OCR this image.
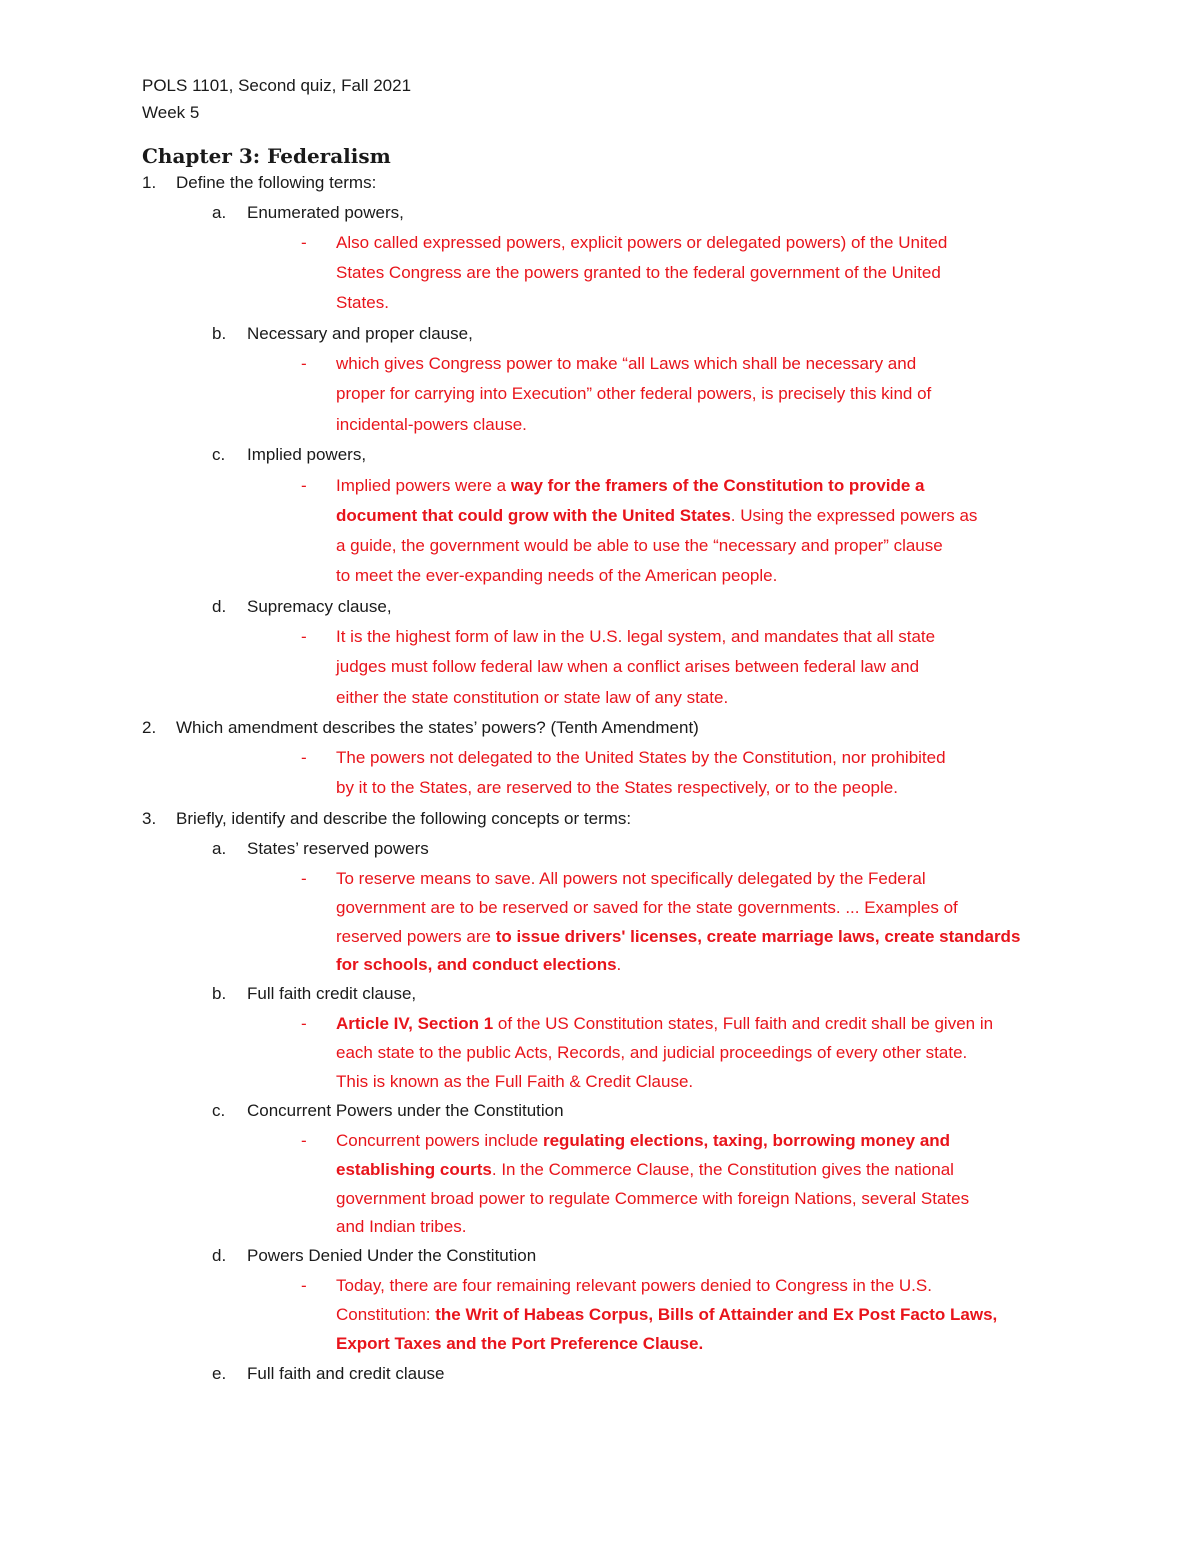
POLS 1101, Second quiz, Fall 2021
Week 5
Chapter 3: Federalism
1. Define the following terms:
a. Enumerated powers,
- Also called expressed powers, explicit powers or delegated powers) of the United
States Congress are the powers granted to the federal government of the United
States.
b. Necessary and proper clause,
- which gives Congress power to make “all Laws which shall be necessary and
proper for carrying into Execution” other federal powers, is precisely this kind of
incidental-powers clause.
c. Implied powers,
- Implied powers were a way for the framers of the Constitution to provide a
document that could grow with the United States. Using the expressed powers as
a guide, the government would be able to use the “necessary and proper” clause
to meet the ever-expanding needs of the American people.
d. Supremacy clause,
- It is the highest form of law in the U.S. legal system, and mandates that all state
judges must follow federal law when a conflict arises between federal law and
either the state constitution or state law of any state.
2. Which amendment describes the states’ powers? (Tenth Amendment)
- The powers not delegated to the United States by the Constitution, nor prohibited
by it to the States, are reserved to the States respectively, or to the people.
3. Briefly, identify and describe the following concepts or terms:
a. States’ reserved powers
- To reserve means to save. All powers not specifically delegated by the Federal
government are to be reserved or saved for the state governments. ... Examples of
reserved powers are to issue drivers' licenses, create marriage laws, create standards
for schools, and conduct elections.
b. Full faith credit clause,
- Article IV, Section 1 of the US Constitution states, Full faith and credit shall be given in
each state to the public Acts, Records, and judicial proceedings of every other state.
This is known as the Full Faith & Credit Clause.
c. Concurrent Powers under the Constitution
- Concurrent powers include regulating elections, taxing, borrowing money and
establishing courts. In the Commerce Clause, the Constitution gives the national
government broad power to regulate Commerce with foreign Nations, several States
and Indian tribes.
d. Powers Denied Under the Constitution
- Today, there are four remaining relevant powers denied to Congress in the U.S.
Constitution: the Writ of Habeas Corpus, Bills of Attainder and Ex Post Facto Laws,
Export Taxes and the Port Preference Clause.
e. Full faith and credit clause
